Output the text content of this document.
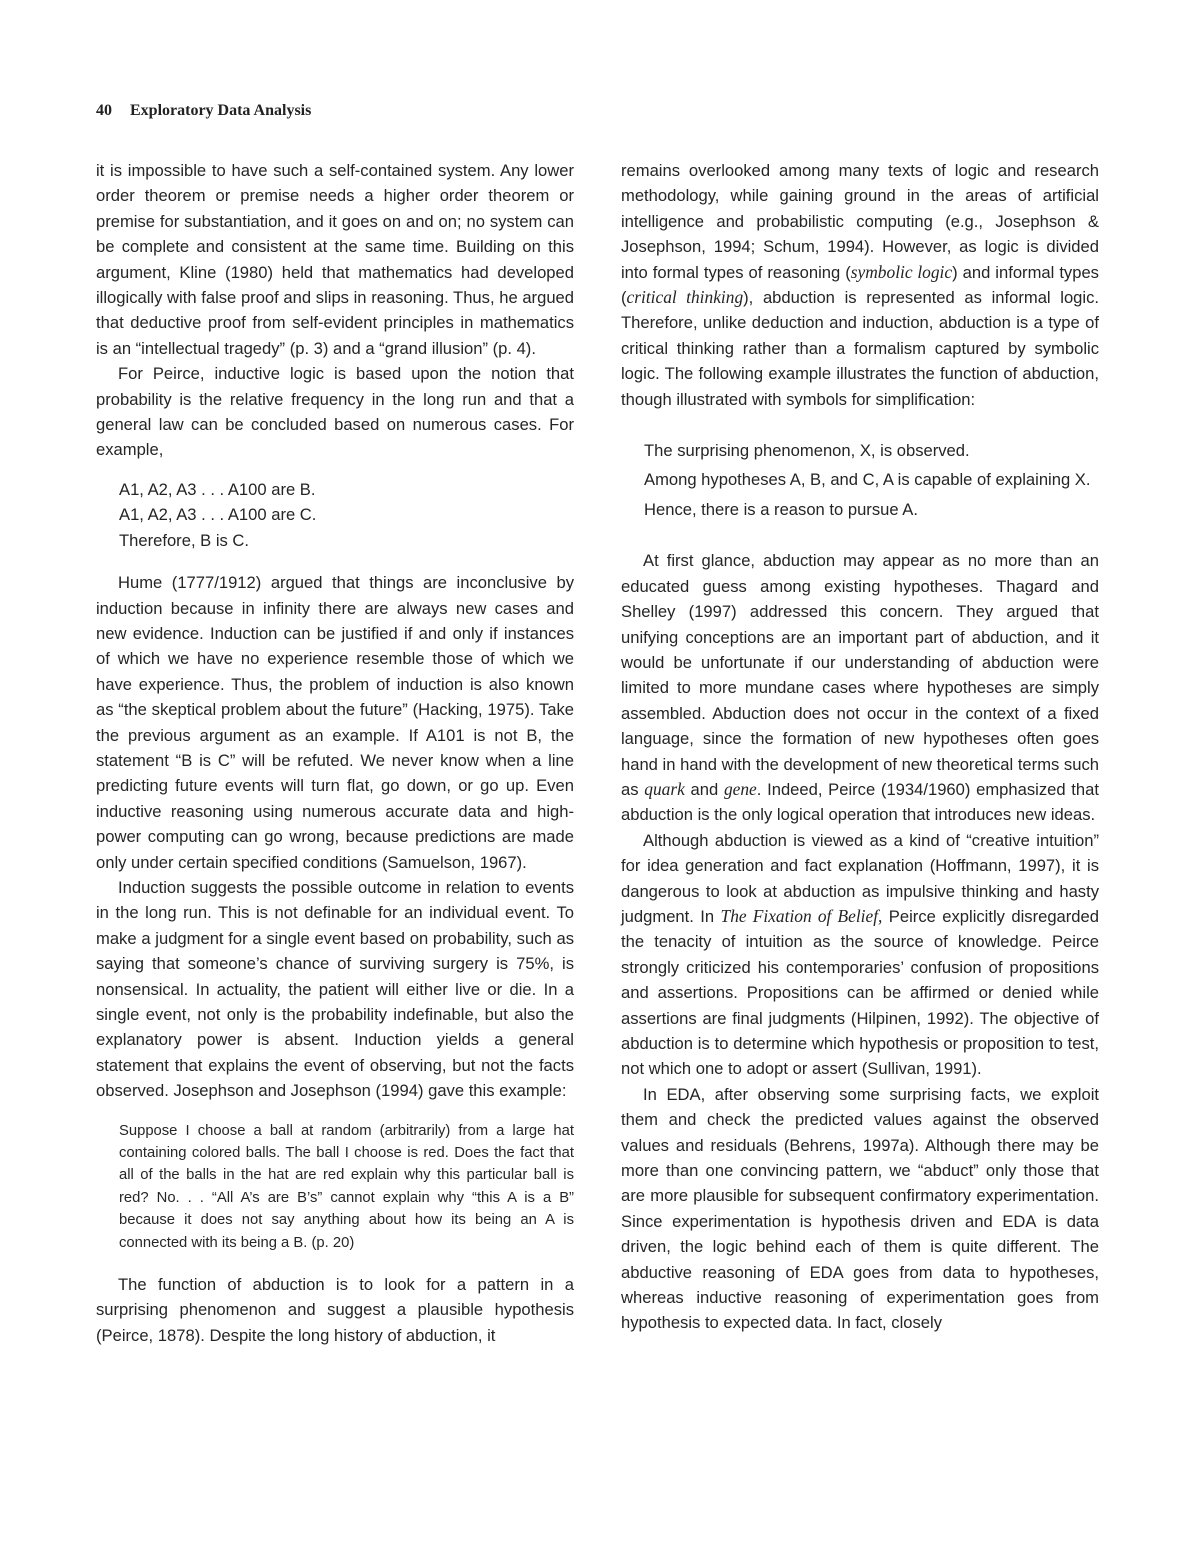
40 Exploratory Data Analysis

it is impossible to have such a self-contained system. Any lower order theorem or premise needs a higher order theorem or premise for substantiation, and it goes on and on; no system can be complete and consistent at the same time. Building on this argument, Kline (1980) held that mathematics had developed illogically with false proof and slips in reasoning. Thus, he argued that deductive proof from self-evident principles in mathematics is an “intellectual tragedy” (p. 3) and a “grand illusion” (p. 4).

For Peirce, inductive logic is based upon the notion that probability is the relative frequency in the long run and that a general law can be concluded based on numerous cases. For example,

A1, A2, A3 . . . A100 are B.
A1, A2, A3 . . . A100 are C.
Therefore, B is C.

Hume (1777/1912) argued that things are inconclusive by induction because in infinity there are always new cases and new evidence. Induction can be justified if and only if instances of which we have no experience resemble those of which we have experience. Thus, the problem of induction is also known as “the skeptical problem about the future” (Hacking, 1975). Take the previous argument as an example. If A101 is not B, the statement “B is C” will be refuted. We never know when a line predicting future events will turn flat, go down, or go up. Even inductive reasoning using numerous accurate data and high-power computing can go wrong, because predictions are made only under certain specified conditions (Samuelson, 1967).

Induction suggests the possible outcome in relation to events in the long run. This is not definable for an individual event. To make a judgment for a single event based on probability, such as saying that someone’s chance of surviving surgery is 75%, is nonsensical. In actuality, the patient will either live or die. In a single event, not only is the probability indefinable, but also the explanatory power is absent. Induction yields a general statement that explains the event of observing, but not the facts observed. Josephson and Josephson (1994) gave this example:

Suppose I choose a ball at random (arbitrarily) from a large hat containing colored balls. The ball I choose is red. Does the fact that all of the balls in the hat are red explain why this particular ball is red? No. . . “All A’s are B’s” cannot explain why “this A is a B” because it does not say anything about how its being an A is connected with its being a B. (p. 20)

The function of abduction is to look for a pattern in a surprising phenomenon and suggest a plausible hypothesis (Peirce, 1878). Despite the long history of abduction, it

remains overlooked among many texts of logic and research methodology, while gaining ground in the areas of artificial intelligence and probabilistic computing (e.g., Josephson & Josephson, 1994; Schum, 1994). However, as logic is divided into formal types of reasoning (symbolic logic) and informal types (critical thinking), abduction is represented as informal logic. Therefore, unlike deduction and induction, abduction is a type of critical thinking rather than a formalism captured by symbolic logic. The following example illustrates the function of abduction, though illustrated with symbols for simplification:

The surprising phenomenon, X, is observed.
Among hypotheses A, B, and C, A is capable of explaining X.
Hence, there is a reason to pursue A.

At first glance, abduction may appear as no more than an educated guess among existing hypotheses. Thagard and Shelley (1997) addressed this concern. They argued that unifying conceptions are an important part of abduction, and it would be unfortunate if our understanding of abduction were limited to more mundane cases where hypotheses are simply assembled. Abduction does not occur in the context of a fixed language, since the formation of new hypotheses often goes hand in hand with the development of new theoretical terms such as quark and gene. Indeed, Peirce (1934/1960) emphasized that abduction is the only logical operation that introduces new ideas.

Although abduction is viewed as a kind of “creative intuition” for idea generation and fact explanation (Hoffmann, 1997), it is dangerous to look at abduction as impulsive thinking and hasty judgment. In The Fixation of Belief, Peirce explicitly disregarded the tenacity of intuition as the source of knowledge. Peirce strongly criticized his contemporaries’ confusion of propositions and assertions. Propositions can be affirmed or denied while assertions are final judgments (Hilpinen, 1992). The objective of abduction is to determine which hypothesis or proposition to test, not which one to adopt or assert (Sullivan, 1991).

In EDA, after observing some surprising facts, we exploit them and check the predicted values against the observed values and residuals (Behrens, 1997a). Although there may be more than one convincing pattern, we “abduct” only those that are more plausible for subsequent confirmatory experimentation. Since experimentation is hypothesis driven and EDA is data driven, the logic behind each of them is quite different. The abductive reasoning of EDA goes from data to hypotheses, whereas inductive reasoning of experimentation goes from hypothesis to expected data. In fact, closely
